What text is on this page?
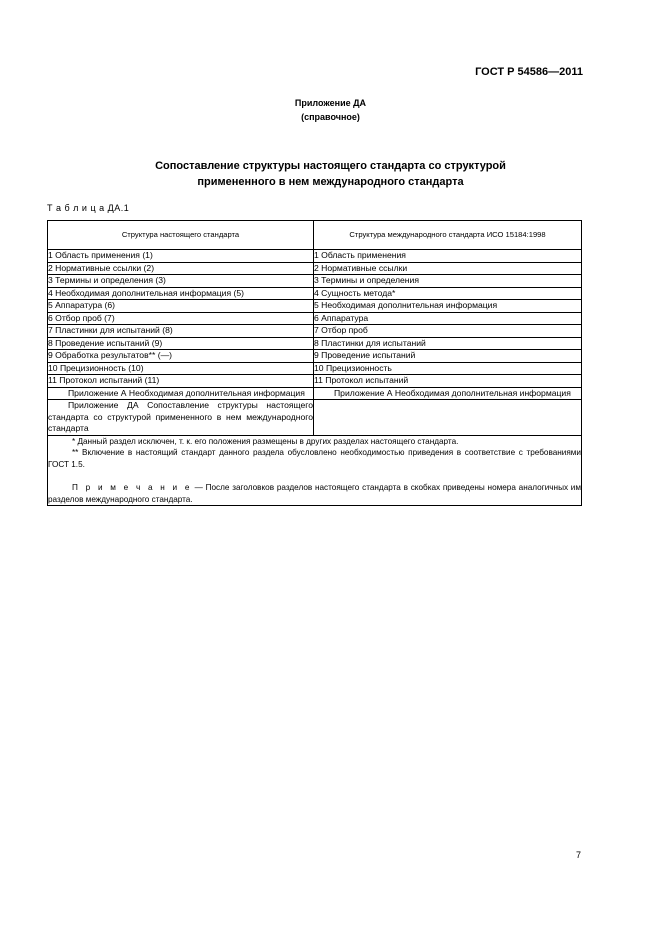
ГОСТ Р 54586—2011
Приложение ДА
(справочное)
Сопоставление структуры настоящего стандарта со структурой
примененного в нем международного стандарта
Т а б л и ц а ДА.1
Структура настоящего стандарта	Структура международного стандарта ИСО 15184:1998
1 Область применения (1)	1 Область применения
2 Нормативные ссылки (2)	2 Нормативные ссылки
3 Термины и определения (3)	3 Термины и определения
4 Необходимая дополнительная информация (5)	4 Сущность метода*
5 Аппаратура (6)	5 Необходимая дополнительная информация
6 Отбор проб (7)	6 Аппаратура
7 Пластинки для испытаний (8)	7 Отбор проб
8 Проведение испытаний (9)	8 Пластинки для испытаний
9 Обработка результатов** (—)	9 Проведение испытаний
10 Прецизионность (10)	10 Прецизионность
11 Протокол испытаний (11)	11 Протокол испытаний
Приложение А Необходимая дополнительная информация	Приложение А Необходимая дополнительная информация
Приложение ДА Сопоставление структуры настоящего стандарта со структурой примененного в нем международного стандарта	

* Данный раздел исключен, т. к. его положения размещены в других разделах настоящего стандарта.

** Включение в настоящий стандарт данного раздела обусловлено необходимостью приведения в соответствие с требованиями ГОСТ 1.5.

П р и м е ч а н и е — После заголовков разделов настоящего стандарта в скобках приведены номера аналогичных им разделов международного стандарта.	

7
